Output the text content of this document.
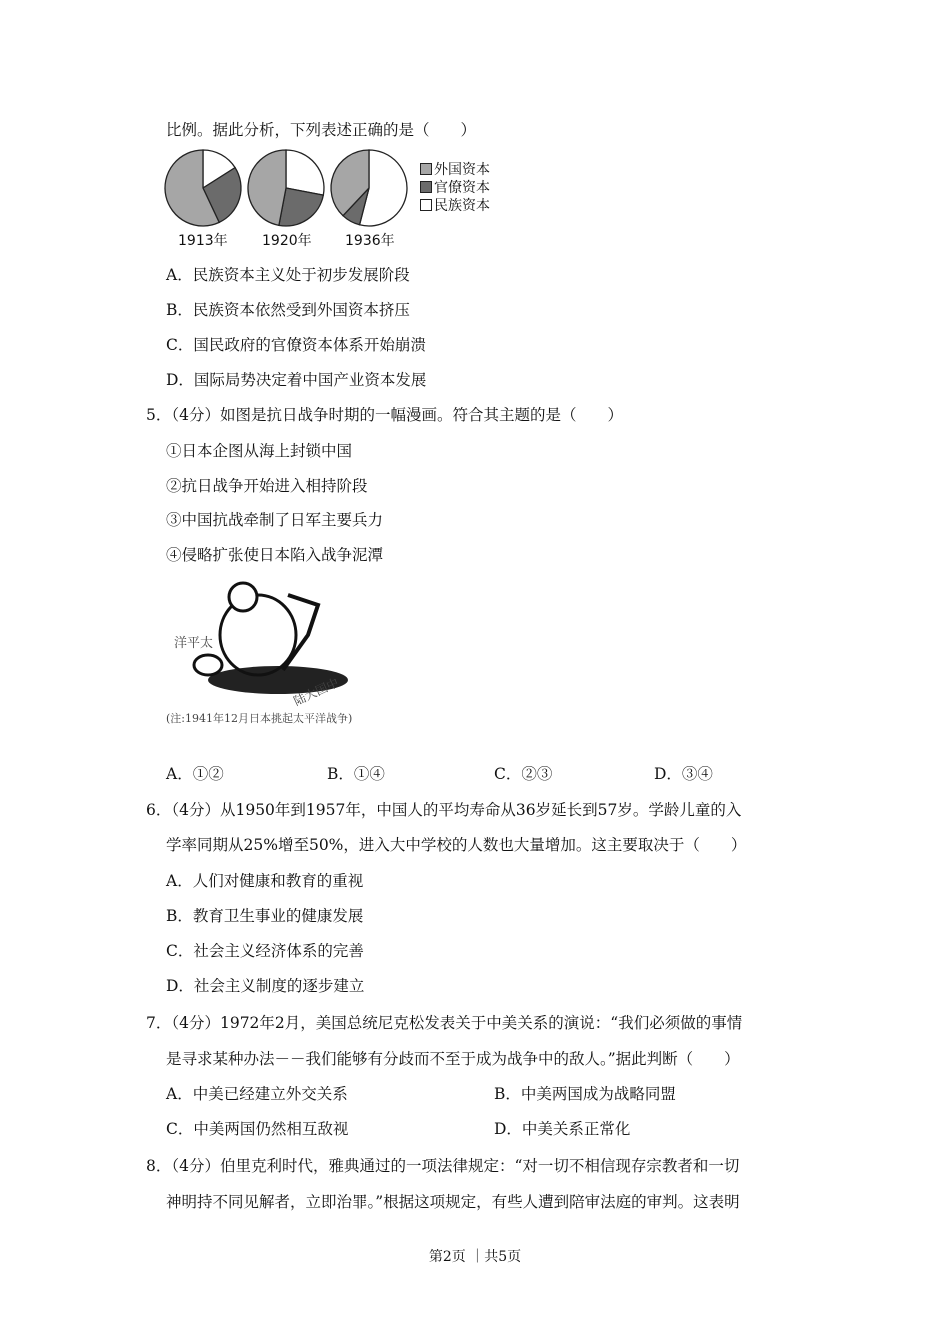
比例。据此分析，下列表述正确的是（　　）
1913年 1920年 1936年
外国资本
官僚资本
民族资本
A．民族资本主义处于初步发展阶段
B．民族资本依然受到外国资本挤压
C．国民政府的官僚资本体系开始崩溃
D．国际局势决定着中国产业资本发展
5．（4分）如图是抗日战争时期的一幅漫画。符合其主题的是（　　）
①日本企图从海上封锁中国
②抗日战争开始进入相持阶段
③中国抗战牵制了日军主要兵力
④侵略扩张使日本陷入战争泥潭
洋平太
陆大国中
(注:1941年12月日本挑起太平洋战争)
A．①②	B．①④	C．②③	D．③④
6．（4分）从1950年到1957年，中国人的平均寿命从36岁延长到57岁。学龄儿童的入
学率同期从25%增至50%，进入大中学校的人数也大量增加。这主要取决于（　　）
A．人们对健康和教育的重视
B．教育卫生事业的健康发展
C．社会主义经济体系的完善
D．社会主义制度的逐步建立
7．（4分）1972年2月，美国总统尼克松发表关于中美关系的演说：“我们必须做的事情
是寻求某种办法－－我们能够有分歧而不至于成为战争中的敌人。”据此判断（　　）
A．中美已经建立外交关系	B．中美两国成为战略同盟
C．中美两国仍然相互敌视	D．中美关系正常化
8．（4分）伯里克利时代，雅典通过的一项法律规定：“对一切不相信现存宗教者和一切
神明持不同见解者，立即治罪。”根据这项规定，有些人遭到陪审法庭的审判。这表明
第2页 ｜共5页
